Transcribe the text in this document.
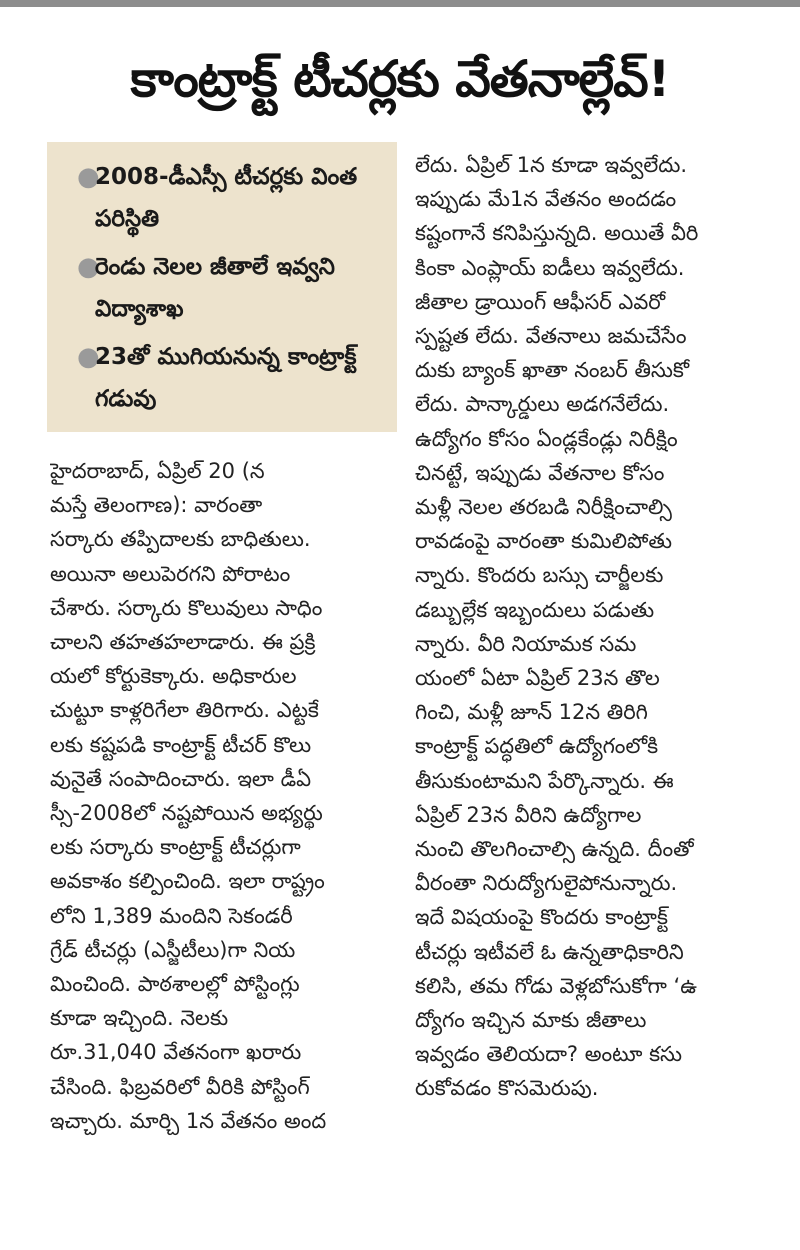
కాంట్రాక్ట్ టీచర్లకు వేతనాల్లేవ్!
●
2008-డీఎస్సీ టీచర్లకు వింత పరిస్థితి
●
రెండు నెలల జీతాలే ఇవ్వని విద్యాశాఖ
●
23తో ముగియనున్న కాంట్రాక్ట్ గడువు
హైదరాబాద్, ఏప్రిల్ 20 (న
మస్తే తెలంగాణ): వారంతా
సర్కారు తప్పిదాలకు బాధితులు.
అయినా అలుపెరగని పోరాటం
చేశారు. సర్కారు కొలువులు సాధిం
చాలని తహతహలాడారు. ఈ ప్రక్రి
యలో కోర్టుకెక్కారు. అధికారుల
చుట్టూ కాళ్లరిగేలా తిరిగారు. ఎట్టకే
లకు కష్టపడి కాంట్రాక్ట్ టీచర్ కొలు
వునైతే సంపాదించారు. ఇలా డీఏ
స్సీ-2008లో నష్టపోయిన అభ్యర్థు
లకు సర్కారు కాంట్రాక్ట్ టీచర్లుగా
అవకాశం కల్పించింది. ఇలా రాష్ట్రం
లోని 1,389 మందిని సెకండరీ
గ్రేడ్ టీచర్లు (ఎస్జీటీలు)గా నియ
మించింది. పాఠశాలల్లో పోస్టింగ్లు
కూడా ఇచ్చింది. నెలకు
రూ.31,040 వేతనంగా ఖరారు
చేసింది. ఫిబ్రవరిలో వీరికి పోస్టింగ్
ఇచ్చారు. మార్చి 1న వేతనం అంద
లేదు. ఏప్రిల్ 1న కూడా ఇవ్వలేదు.
ఇప్పుడు మే1న వేతనం అందడం
కష్టంగానే కనిపిస్తున్నది. అయితే వీరి
కింకా ఎంప్లాయ్ ఐడీలు ఇవ్వలేదు.
జీతాల డ్రాయింగ్ ఆఫీసర్ ఎవరో
స్పష్టత లేదు. వేతనాలు జమచేసేం
దుకు బ్యాంక్ ఖాతా నంబర్ తీసుకో
లేదు. పాన్కార్డులు అడగనేలేదు.
ఉద్యోగం కోసం ఏండ్లకేండ్లు నిరీక్షిం
చినట్టే, ఇప్పుడు వేతనాల కోసం
మళ్లీ నెలల తరబడి నిరీక్షించాల్సి
రావడంపై వారంతా కుమిలిపోతు
న్నారు. కొందరు బస్సు చార్జీలకు
డబ్బుల్లేక ఇబ్బందులు పడుతు
న్నారు. వీరి నియామక సమ
యంలో ఏటా ఏప్రిల్ 23న తొల
గించి, మళ్లీ జూన్ 12న తిరిగి
కాంట్రాక్ట్ పద్ధతిలో ఉద్యోగంలోకి
తీసుకుంటామని పేర్కొన్నారు. ఈ
ఏప్రిల్ 23న వీరిని ఉద్యోగాల
నుంచి తొలగించాల్సి ఉన్నది. దీంతో
వీరంతా నిరుద్యోగులైపోనున్నారు.
ఇదే విషయంపై కొందరు కాంట్రాక్ట్
టీచర్లు ఇటీవలే ఓ ఉన్నతాధికారిని
కలిసి, తమ గోడు వెళ్లబోసుకోగా ‘ఉ
ద్యోగం ఇచ్చిన మాకు జీతాలు
ఇవ్వడం తెలియదా? అంటూ కసు
రుకోవడం కొసమెరుపు.
